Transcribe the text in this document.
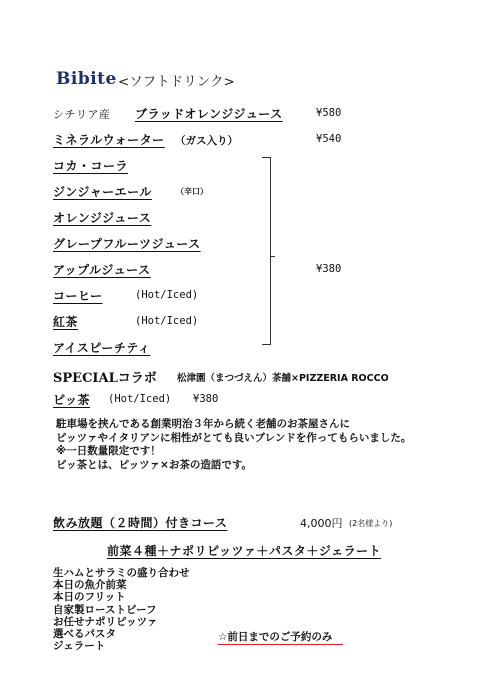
Bibite <ソフトドリンク>
シチリア産 ブラッドオレンジジュース	¥580
ミネラルウォーター （ガス入り）	¥540
コカ・コーラ
ジンジャーエール	（辛口）
オレンジジュース
グレープフルーツジュース
アップルジュース
コーヒー	(Hot/Iced)
紅茶	(Hot/Iced)
アイスピーチティ
¥380
SPECIALコラボ 松津園（まつづえん）茶舗×PIZZERIA ROCCO
ピッ茶 (Hot/Iced) ¥380
駐車場を挟んである創業明治３年から続く老舗のお茶屋さんに
ピッツァやイタリアンに相性がとても良いブレンドを作ってもらいました。
※一日数量限定です！
ピッ茶とは、ピッツァ×お茶の造語です。
飲み放題（２時間）付きコース	4,000円 (2名様より)
前菜４種＋ナポリピッツァ＋パスタ＋ジェラート
生ハムとサラミの盛り合わせ
本日の魚介前菜
本日のフリット
自家製ローストビーフ
お任せナポリピッツァ
選べるパスタ
ジェラート
☆前日までのご予約のみ
